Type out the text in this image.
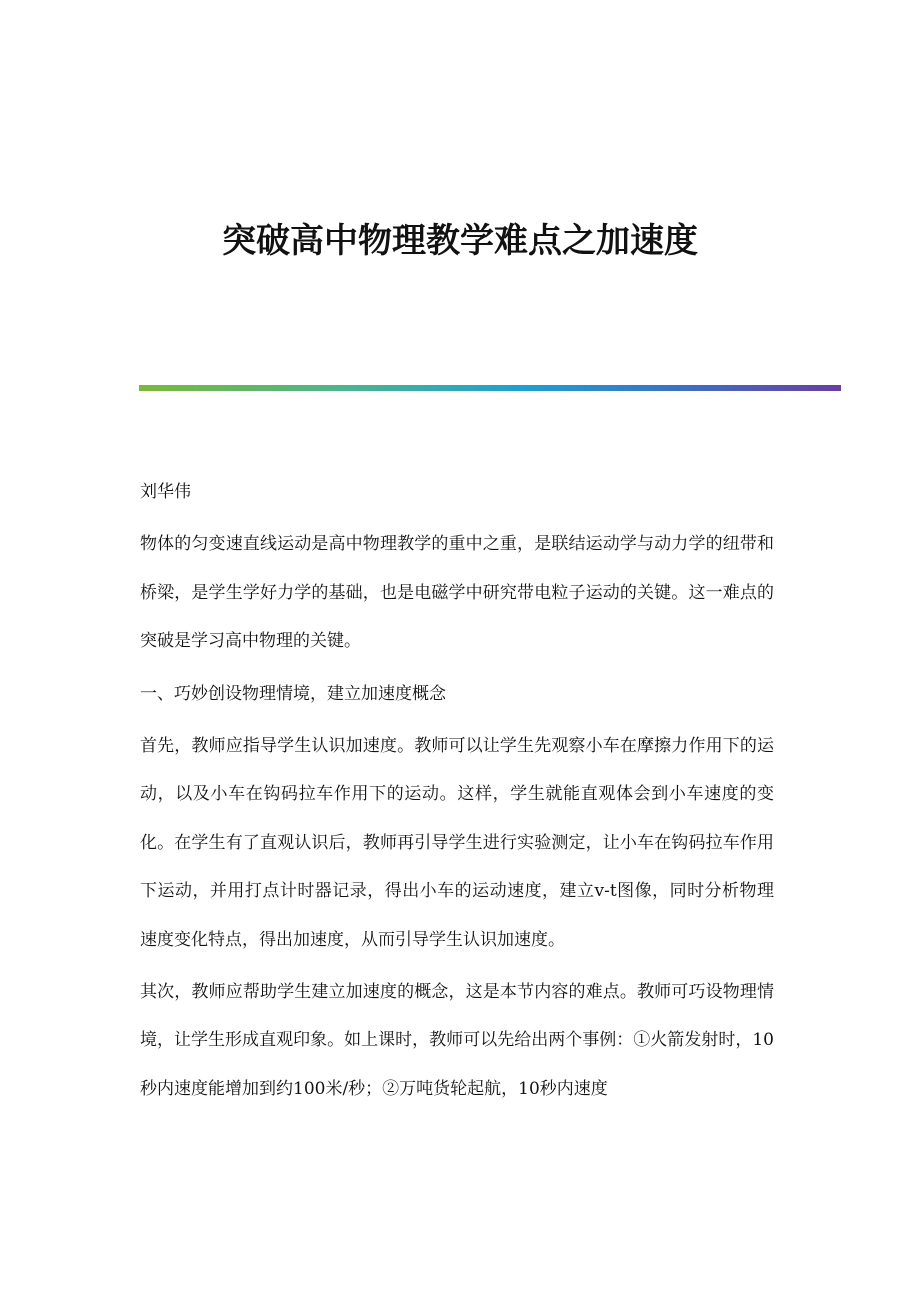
突破高中物理教学难点之加速度

刘华伟

物体的匀变速直线运动是高中物理教学的重中之重，是联结运动学与动力学的纽带和桥梁，是学生学好力学的基础，也是电磁学中研究带电粒子运动的关键。这一难点的突破是学习高中物理的关键。

一、巧妙创设物理情境，建立加速度概念

首先，教师应指导学生认识加速度。教师可以让学生先观察小车在摩擦力作用下的运动，以及小车在钩码拉车作用下的运动。这样，学生就能直观体会到小车速度的变化。在学生有了直观认识后，教师再引导学生进行实验测定，让小车在钩码拉车作用下运动，并用打点计时器记录，得出小车的运动速度，建立v-t图像，同时分析物理速度变化特点，得出加速度，从而引导学生认识加速度。

其次，教师应帮助学生建立加速度的概念，这是本节内容的难点。教师可巧设物理情境，让学生形成直观印象。如上课时，教师可以先给出两个事例：①火箭发射时，10秒内速度能增加到约100米/秒；②万吨货轮起航，10秒内速度
